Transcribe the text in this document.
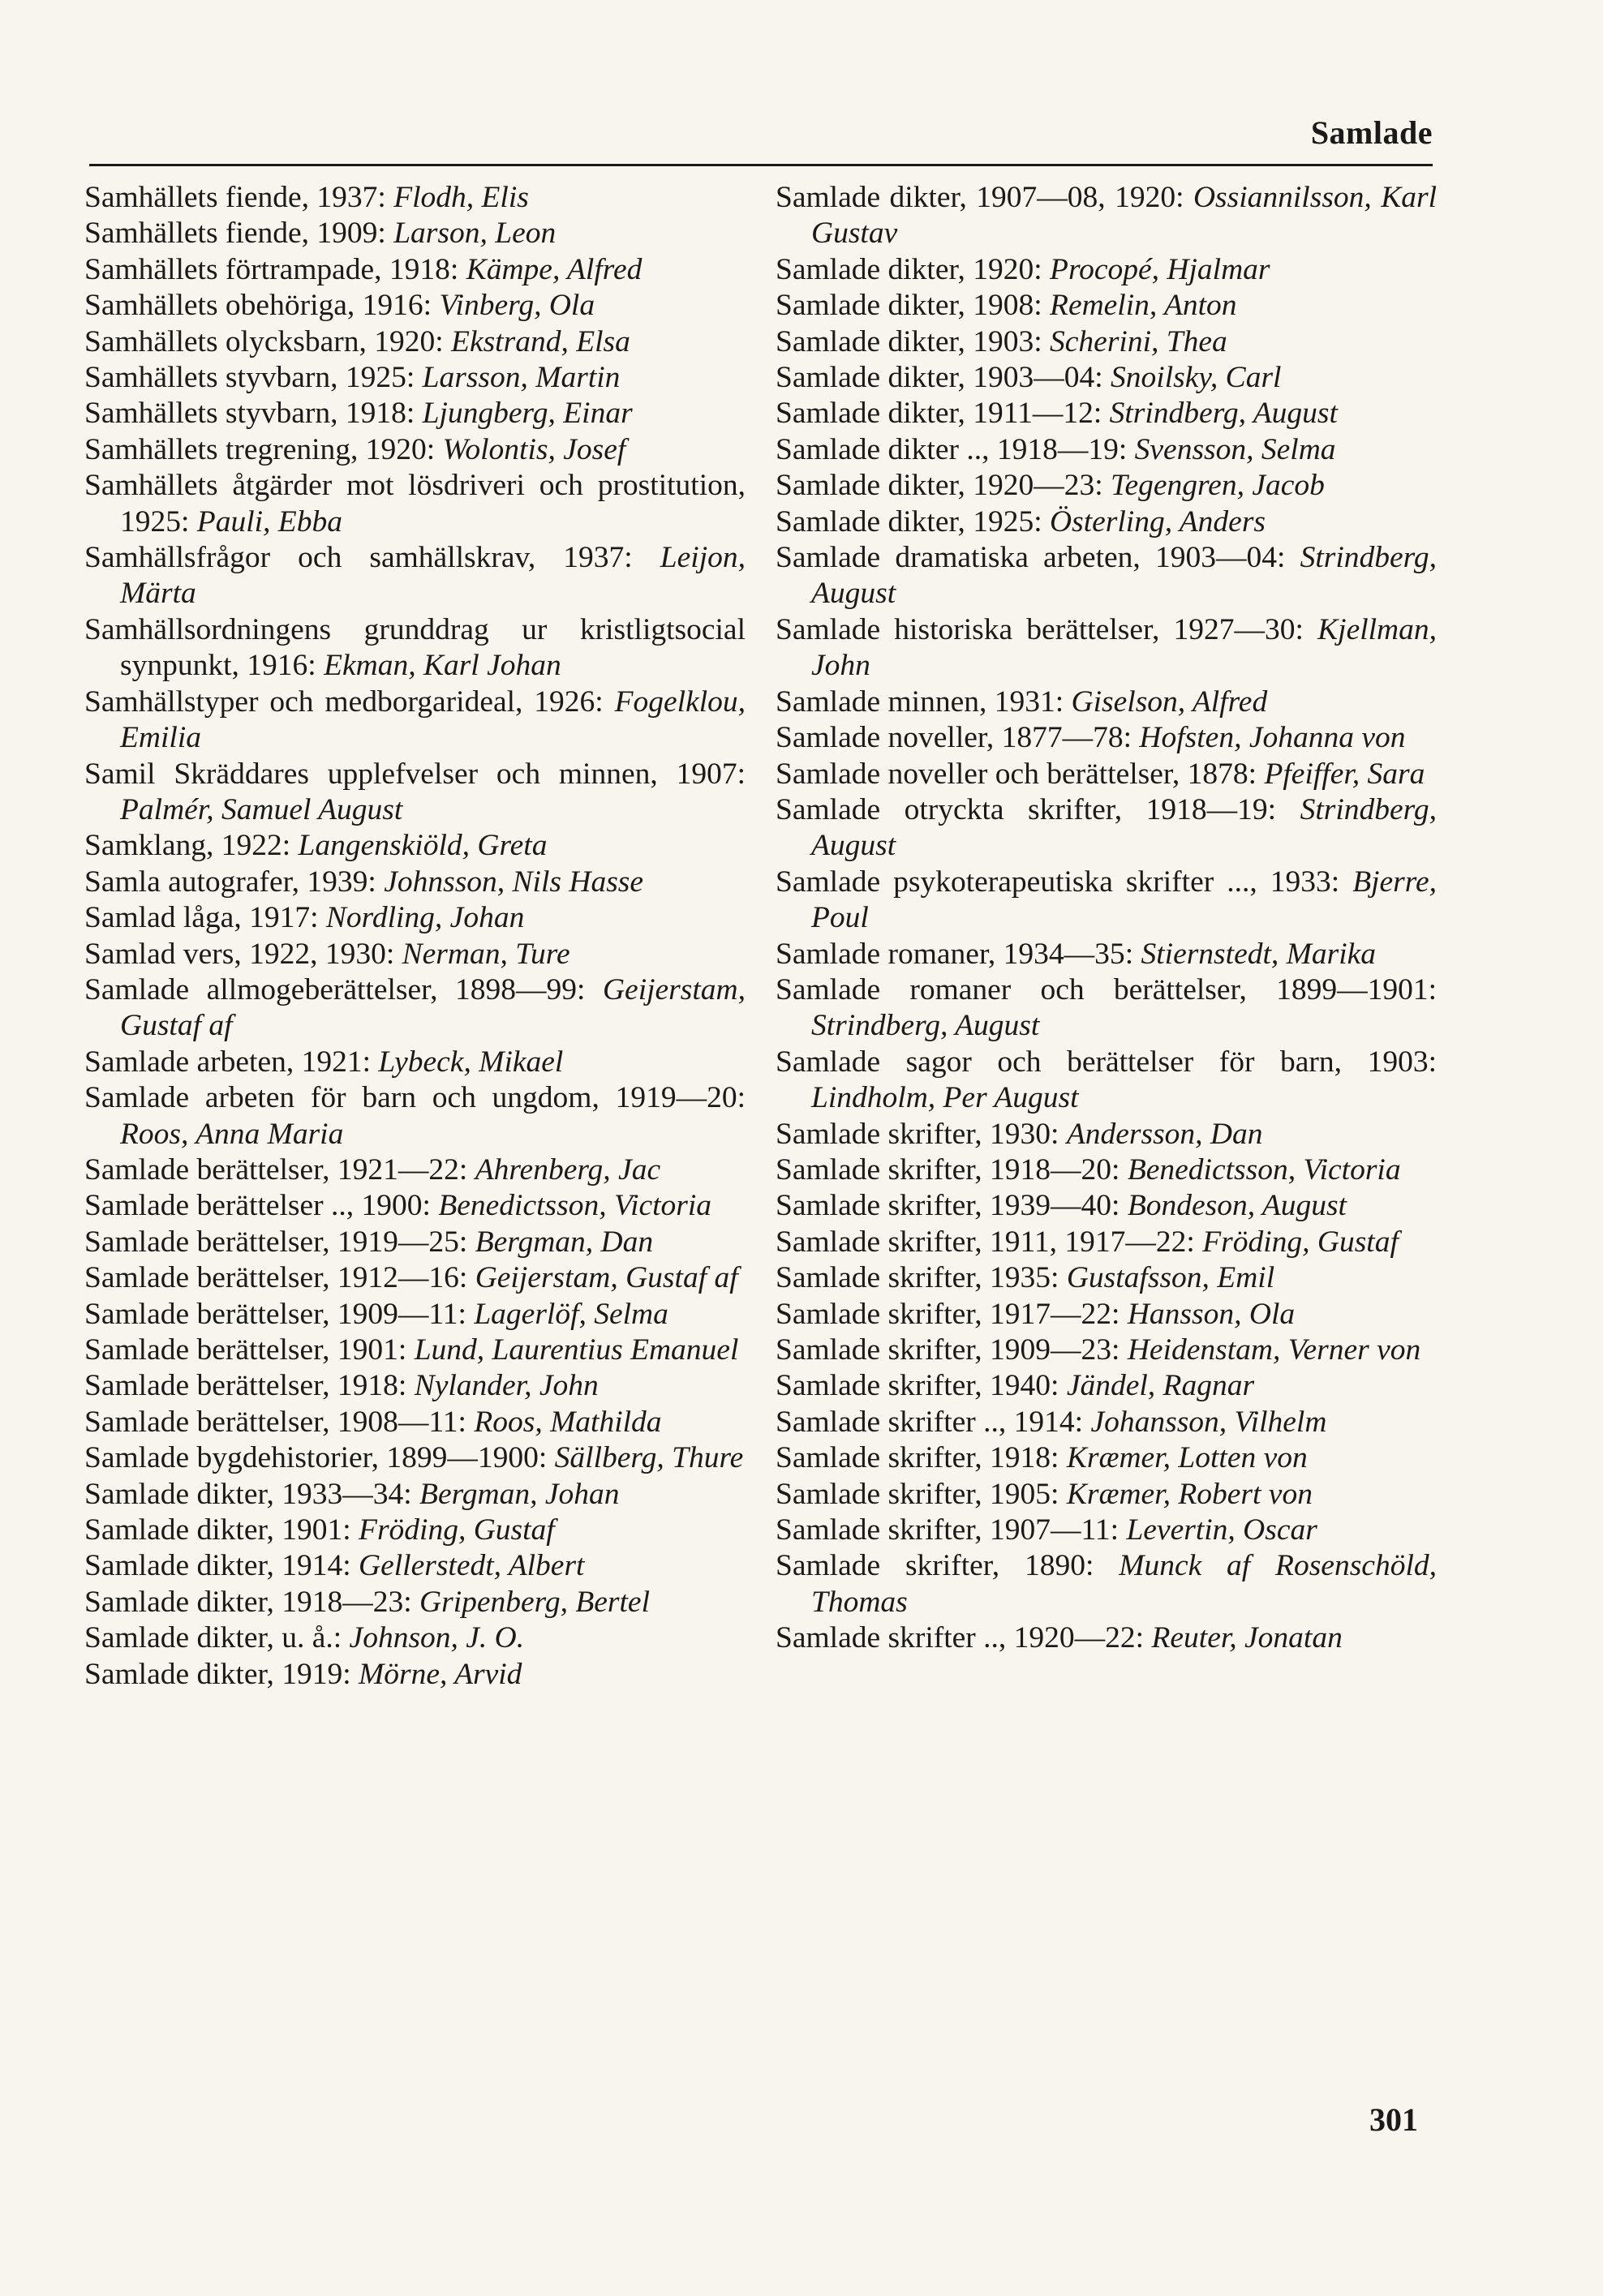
Samlade

Samhällets fiende, 1937: Flodh, Elis

Samhällets fiende, 1909: Larson, Leon

Samhällets förtrampade, 1918: Kämpe, Alfred

Samhällets obehöriga, 1916: Vinberg, Ola

Samhällets olycksbarn, 1920: Ekstrand, Elsa

Samhällets styvbarn, 1925: Larsson, Martin

Samhällets styvbarn, 1918: Ljungberg, Einar

Samhällets tregrening, 1920: Wolontis, Josef

Samhällets åtgärder mot lösdriveri och prostitution, 1925: Pauli, Ebba

Samhällsfrågor och samhällskrav, 1937: Leijon, Märta

Samhällsordningens grunddrag ur kristligtsocial synpunkt, 1916: Ekman, Karl Johan

Samhällstyper och medborgarideal, 1926: Fogelklou, Emilia

Samil Skräddares upplefvelser och minnen, 1907: Palmér, Samuel August

Samklang, 1922: Langenskiöld, Greta

Samla autografer, 1939: Johnsson, Nils Hasse

Samlad låga, 1917: Nordling, Johan

Samlad vers, 1922, 1930: Nerman, Ture

Samlade allmogeberättelser, 1898—99: Geijerstam, Gustaf af

Samlade arbeten, 1921: Lybeck, Mikael

Samlade arbeten för barn och ungdom, 1919—20: Roos, Anna Maria

Samlade berättelser, 1921—22: Ahrenberg, Jac

Samlade berättelser .., 1900: Benedictsson, Victoria

Samlade berättelser, 1919—25: Bergman, Dan

Samlade berättelser, 1912—16: Geijerstam, Gustaf af

Samlade berättelser, 1909—11: Lagerlöf, Selma

Samlade berättelser, 1901: Lund, Laurentius Emanuel

Samlade berättelser, 1918: Nylander, John

Samlade berättelser, 1908—11: Roos, Mathilda

Samlade bygdehistorier, 1899—1900: Sällberg, Thure

Samlade dikter, 1933—34: Bergman, Johan

Samlade dikter, 1901: Fröding, Gustaf

Samlade dikter, 1914: Gellerstedt, Albert

Samlade dikter, 1918—23: Gripenberg, Bertel

Samlade dikter, u. å.: Johnson, J. O.

Samlade dikter, 1919: Mörne, Arvid

Samlade dikter, 1907—08, 1920: Ossiannilsson, Karl Gustav

Samlade dikter, 1920: Procopé, Hjalmar

Samlade dikter, 1908: Remelin, Anton

Samlade dikter, 1903: Scherini, Thea

Samlade dikter, 1903—04: Snoilsky, Carl

Samlade dikter, 1911—12: Strindberg, August

Samlade dikter .., 1918—19: Svensson, Selma

Samlade dikter, 1920—23: Tegengren, Jacob

Samlade dikter, 1925: Österling, Anders

Samlade dramatiska arbeten, 1903—04: Strindberg, August

Samlade historiska berättelser, 1927—30: Kjellman, John

Samlade minnen, 1931: Giselson, Alfred

Samlade noveller, 1877—78: Hofsten, Johanna von

Samlade noveller och berättelser, 1878: Pfeiffer, Sara

Samlade otryckta skrifter, 1918—19: Strindberg, August

Samlade psykoterapeutiska skrifter ..., 1933: Bjerre, Poul

Samlade romaner, 1934—35: Stiernstedt, Marika

Samlade romaner och berättelser, 1899—1901: Strindberg, August

Samlade sagor och berättelser för barn, 1903: Lindholm, Per August

Samlade skrifter, 1930: Andersson, Dan

Samlade skrifter, 1918—20: Benedictsson, Victoria

Samlade skrifter, 1939—40: Bondeson, August

Samlade skrifter, 1911, 1917—22: Fröding, Gustaf

Samlade skrifter, 1935: Gustafsson, Emil

Samlade skrifter, 1917—22: Hansson, Ola

Samlade skrifter, 1909—23: Heidenstam, Verner von

Samlade skrifter, 1940: Jändel, Ragnar

Samlade skrifter .., 1914: Johansson, Vilhelm

Samlade skrifter, 1918: Kræmer, Lotten von

Samlade skrifter, 1905: Kræmer, Robert von

Samlade skrifter, 1907—11: Levertin, Oscar

Samlade skrifter, 1890: Munck af Rosenschöld, Thomas

Samlade skrifter .., 1920—22: Reuter, Jonatan

301
